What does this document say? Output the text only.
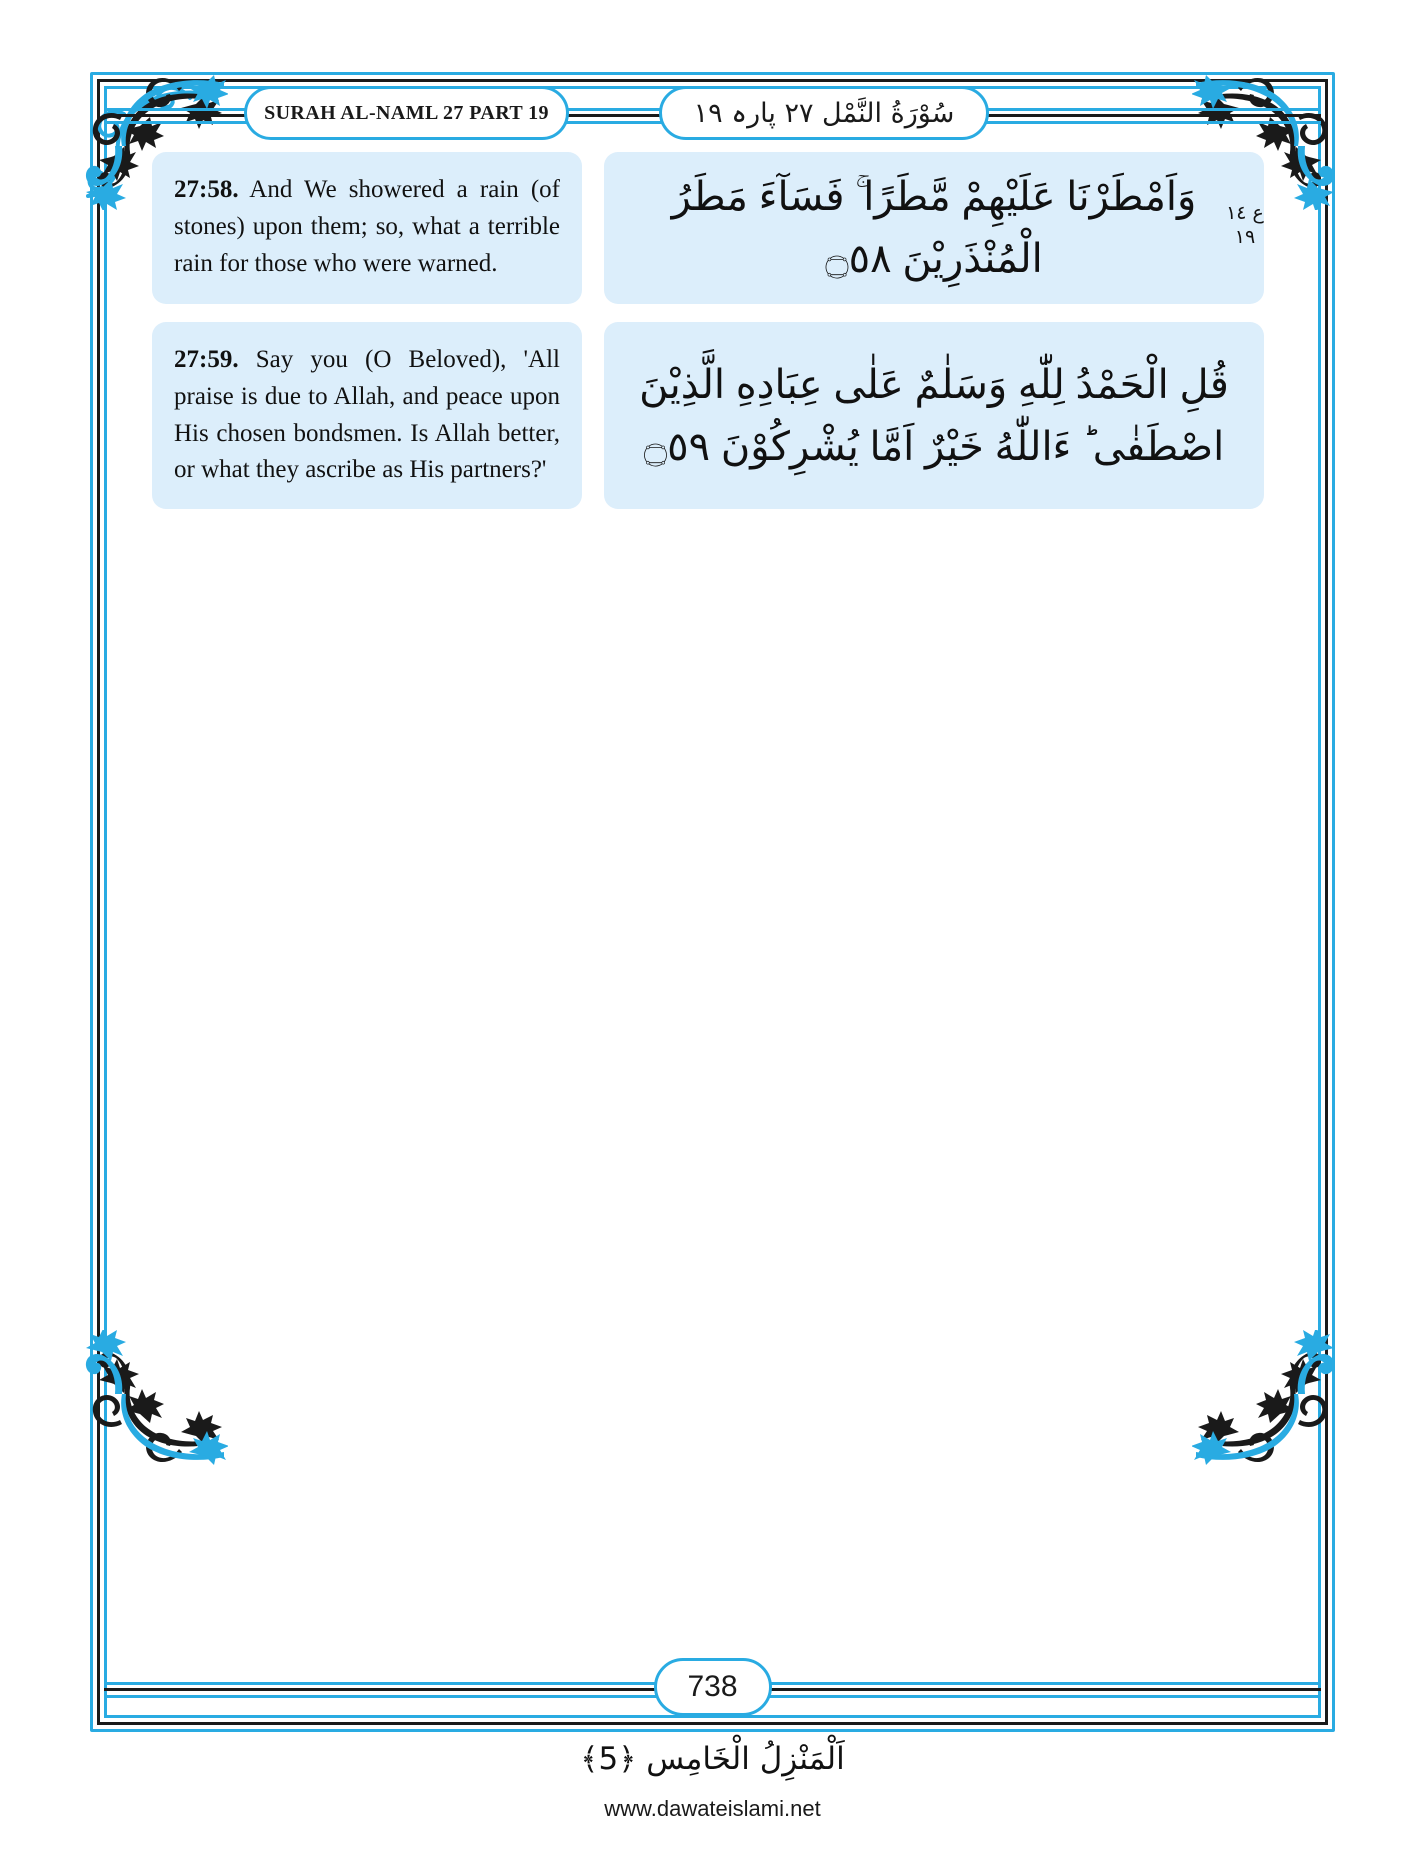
SURAH AL-NAML 27 PART 19	سُوْرَةُ النَّمْل ٢٧ پارہ ١٩

27:58. And We showered a rain (of stones) upon them; so, what a terrible rain for those who were warned.

وَاَمْطَرْنَا عَلَيْهِمْ مَّطَرًا ۚ فَسَآءَ مَطَرُ الْمُنْذَرِيْنَ ۝٥٨

27:59. Say you (O Beloved), 'All praise is due to Allah, and peace upon His chosen bondsmen. Is Allah better, or what they ascribe as His partners?'

قُلِ الْحَمْدُ لِلّٰهِ وَسَلٰمٌ عَلٰى عِبَادِهِ الَّذِيْنَ اصْطَفٰى ؕ ءَاللّٰهُ خَيْرٌ اَمَّا يُشْرِكُوْنَ ۝٥٩

ع ١٤ ١٩
738
اَلْمَنْزِلُ الْخَامِس ﴿5﴾
www.dawateislami.net
